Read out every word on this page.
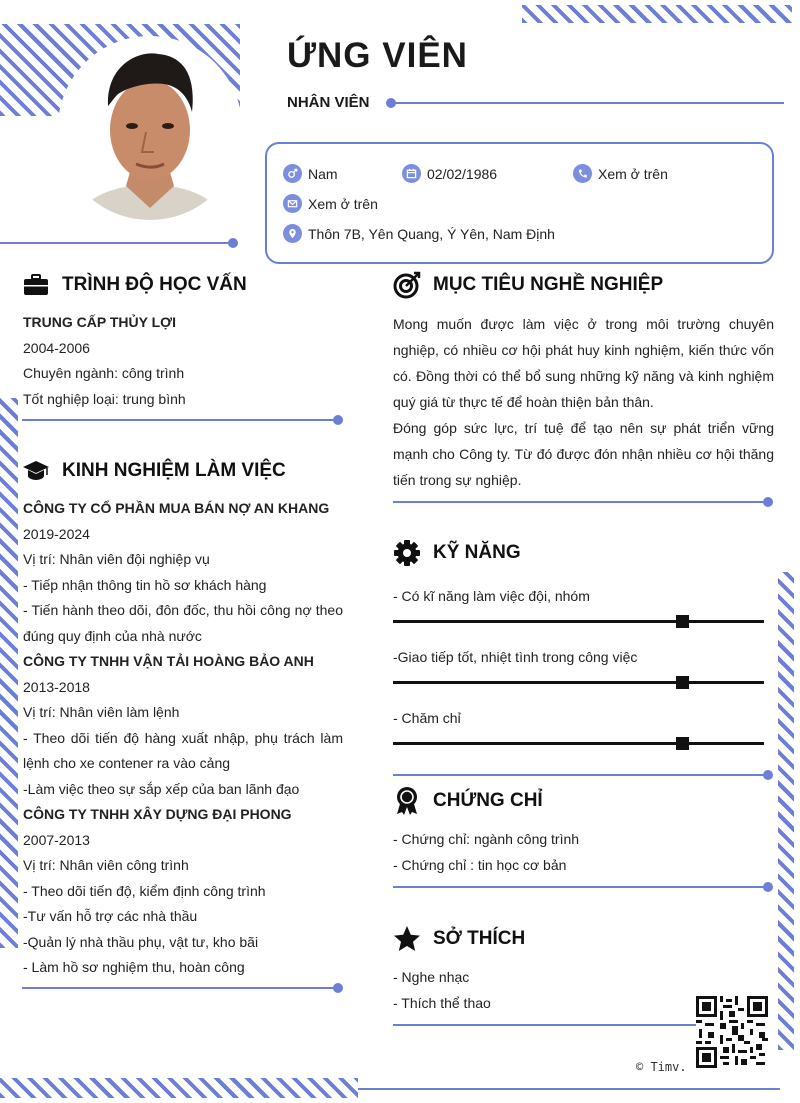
ỨNG VIÊN
NHÂN VIÊN
Nam	02/02/1986	Xem ở trên
Xem ở trên
Thôn 7B, Yên Quang, Ý Yên, Nam Định
TRÌNH ĐỘ HỌC VẤN
TRUNG CẤP THỦY LỢI
2004-2006
Chuyên ngành: công trình
Tốt nghiệp loại: trung bình
KINH NGHIỆM LÀM VIỆC
CÔNG TY CỔ PHẦN MUA BÁN NỢ AN KHANG
2019-2024
Vị trí: Nhân viên đội nghiệp vụ
- Tiếp nhận thông tin hồ sơ khách hàng
- Tiến hành theo dõi, đôn đốc, thu hồi công nợ theo đúng quy định của nhà nước
CÔNG TY TNHH VẬN TẢI HOÀNG BẢO ANH
2013-2018
Vị trí: Nhân viên làm lệnh
- Theo dõi tiến độ hàng xuất nhập, phụ trách làm lệnh cho xe contener ra vào cảng
-Làm việc theo sự sắp xếp của ban lãnh đạo
CÔNG TY TNHH XÂY DỰNG ĐẠI PHONG
2007-2013
Vị trí: Nhân viên công trình
- Theo dõi tiến độ, kiểm định công trình
-Tư vấn hỗ trợ các nhà thầu
-Quản lý nhà thầu phụ, vật tư, kho bãi
- Làm hồ sơ nghiệm thu, hoàn công
MỤC TIÊU NGHỀ NGHIỆP
Mong muốn được làm việc ở trong môi trường chuyên nghiệp, có nhiều cơ hội phát huy kinh nghiệm, kiến thức vốn có. Đồng thời có thể bổ sung những kỹ năng và kinh nghiệm quý giá từ thực tế để hoàn thiện bản thân.
Đóng góp sức lực, trí tuệ để tạo nên sự phát triển vững mạnh cho Công ty. Từ đó được đón nhận nhiều cơ hội thăng tiến trong sự nghiệp.
KỸ NĂNG
- Có kĩ năng làm việc đội, nhóm
-Giao tiếp tốt, nhiệt tình trong công việc
- Chăm chỉ
CHỨNG CHỈ
- Chứng chỉ: ngành công trình
- Chứng chỉ : tin học cơ bản
SỞ THÍCH
- Nghe nhạc
- Thích thể thao
© Timv.
